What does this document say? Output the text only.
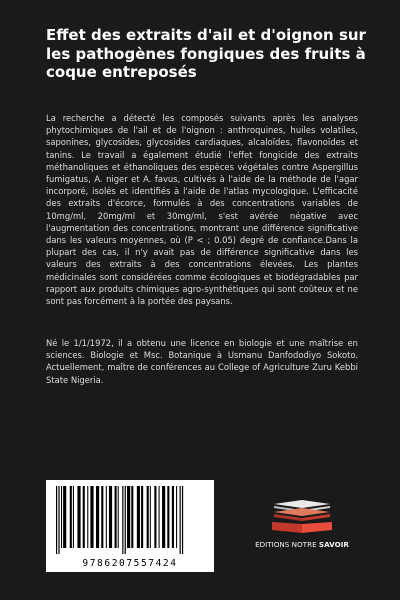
Effet des extraits d'ail et d'oignon sur les pathogènes fongiques des fruits à coque entreposés

La recherche a détecté les composés suivants après les analyses phytochimiques de l'ail et de l'oignon : anthroquines, huiles volatiles, saponines, glycosides, glycosides cardiaques, alcaloïdes, flavonoïdes et tanins. Le travail a également étudié l'effet fongicide des extraits méthanoliques et éthanoliques des espèces végétales contre Aspergillus fumigatus, A. niger et A. favus, cultivés à l'aide de la méthode de l'agar incorporé, isolés et identifiés à l'aide de l'atlas mycologique. L'efficacité des extraits d'écorce, formulés à des concentrations variables de 10mg/ml, 20mg/ml et 30mg/ml, s'est avérée négative avec l'augmentation des concentrations, montrant une différence significative dans les valeurs moyennes, où (P < ; 0.05) degré de confiance.Dans la plupart des cas, il n'y avait pas de différence significative dans les valeurs des extraits à des concentrations élevées. Les plantes médicinales sont considérées comme écologiques et biodégradables par rapport aux produits chimiques agro-synthétiques qui sont coûteux et ne sont pas forcément à la portée des paysans.

Né le 1/1/1972, il a obtenu une licence en biologie et une maîtrise en sciences. Biologie et Msc. Botanique à Usmanu Danfododiyo Sokoto. Actuellement, maître de conférences au College of Agriculture Zuru Kebbi State Nigeria.

9786207557424
EDITIONS NOTRE SAVOIR
